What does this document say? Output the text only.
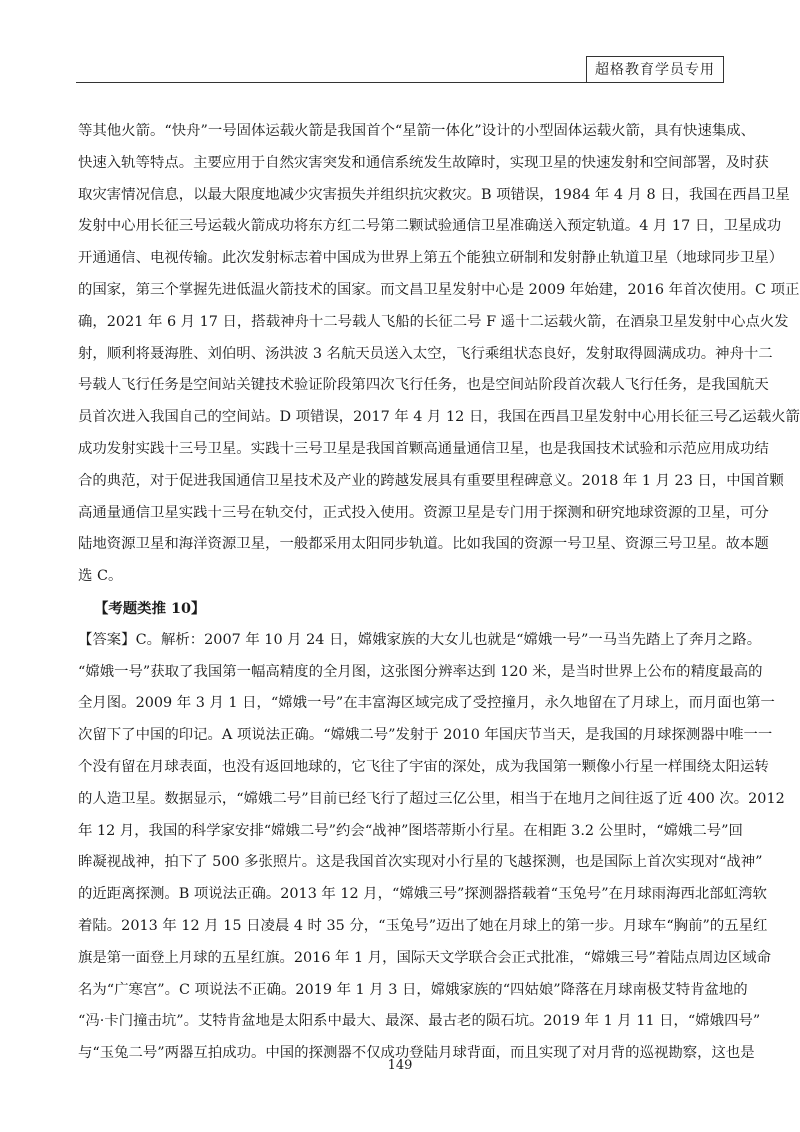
超格教育学员专用
等其他火箭。“快舟”一号固体运载火箭是我国首个“星箭一体化”设计的小型固体运载火箭，具有快速集成、
快速入轨等特点。主要应用于自然灾害突发和通信系统发生故障时，实现卫星的快速发射和空间部署，及时获
取灾害情况信息，以最大限度地减少灾害损失并组织抗灾救灾。B 项错误，1984 年 4 月 8 日，我国在西昌卫星
发射中心用长征三号运载火箭成功将东方红二号第二颗试验通信卫星准确送入预定轨道。4 月 17 日，卫星成功
开通通信、电视传输。此次发射标志着中国成为世界上第五个能独立研制和发射静止轨道卫星（地球同步卫星）
的国家，第三个掌握先进低温火箭技术的国家。而文昌卫星发射中心是 2009 年始建，2016 年首次使用。C 项正
确，2021 年 6 月 17 日，搭载神舟十二号载人飞船的长征二号 F 遥十二运载火箭，在酒泉卫星发射中心点火发
射，顺利将聂海胜、刘伯明、汤洪波 3 名航天员送入太空，飞行乘组状态良好，发射取得圆满成功。神舟十二
号载人飞行任务是空间站关键技术验证阶段第四次飞行任务，也是空间站阶段首次载人飞行任务，是我国航天
员首次进入我国自己的空间站。D 项错误，2017 年 4 月 12 日，我国在西昌卫星发射中心用长征三号乙运载火箭
成功发射实践十三号卫星。实践十三号卫星是我国首颗高通量通信卫星，也是我国技术试验和示范应用成功结
合的典范，对于促进我国通信卫星技术及产业的跨越发展具有重要里程碑意义。2018 年 1 月 23 日，中国首颗
高通量通信卫星实践十三号在轨交付，正式投入使用。资源卫星是专门用于探测和研究地球资源的卫星，可分
陆地资源卫星和海洋资源卫星，一般都采用太阳同步轨道。比如我国的资源一号卫星、资源三号卫星。故本题
选 C。
【考题类推 10】
【答案】C。解析：2007 年 10 月 24 日，嫦娥家族的大女儿也就是“嫦娥一号”一马当先踏上了奔月之路。
“嫦娥一号”获取了我国第一幅高精度的全月图，这张图分辨率达到 120 米，是当时世界上公布的精度最高的
全月图。2009 年 3 月 1 日，“嫦娥一号”在丰富海区域完成了受控撞月，永久地留在了月球上，而月面也第一
次留下了中国的印记。A 项说法正确。“嫦娥二号”发射于 2010 年国庆节当天，是我国的月球探测器中唯一一
个没有留在月球表面，也没有返回地球的，它飞往了宇宙的深处，成为我国第一颗像小行星一样围绕太阳运转
的人造卫星。数据显示，“嫦娥二号”目前已经飞行了超过三亿公里，相当于在地月之间往返了近 400 次。2012
年 12 月，我国的科学家安排“嫦娥二号”约会“战神”图塔蒂斯小行星。在相距 3.2 公里时，“嫦娥二号”回
眸凝视战神，拍下了 500 多张照片。这是我国首次实现对小行星的飞越探测，也是国际上首次实现对“战神”
的近距离探测。B 项说法正确。2013 年 12 月，“嫦娥三号”探测器搭载着“玉兔号”在月球雨海西北部虹湾软
着陆。2013 年 12 月 15 日凌晨 4 时 35 分，“玉兔号”迈出了她在月球上的第一步。月球车“胸前”的五星红
旗是第一面登上月球的五星红旗。2016 年 1 月，国际天文学联合会正式批准，“嫦娥三号”着陆点周边区域命
名为“广寒宫”。C 项说法不正确。2019 年 1 月 3 日，嫦娥家族的“四姑娘”降落在月球南极艾特肯盆地的
“冯·卡门撞击坑”。艾特肯盆地是太阳系中最大、最深、最古老的陨石坑。2019 年 1 月 11 日，“嫦娥四号”
与“玉兔二号”两器互拍成功。中国的探测器不仅成功登陆月球背面，而且实现了对月背的巡视勘察，这也是
149
